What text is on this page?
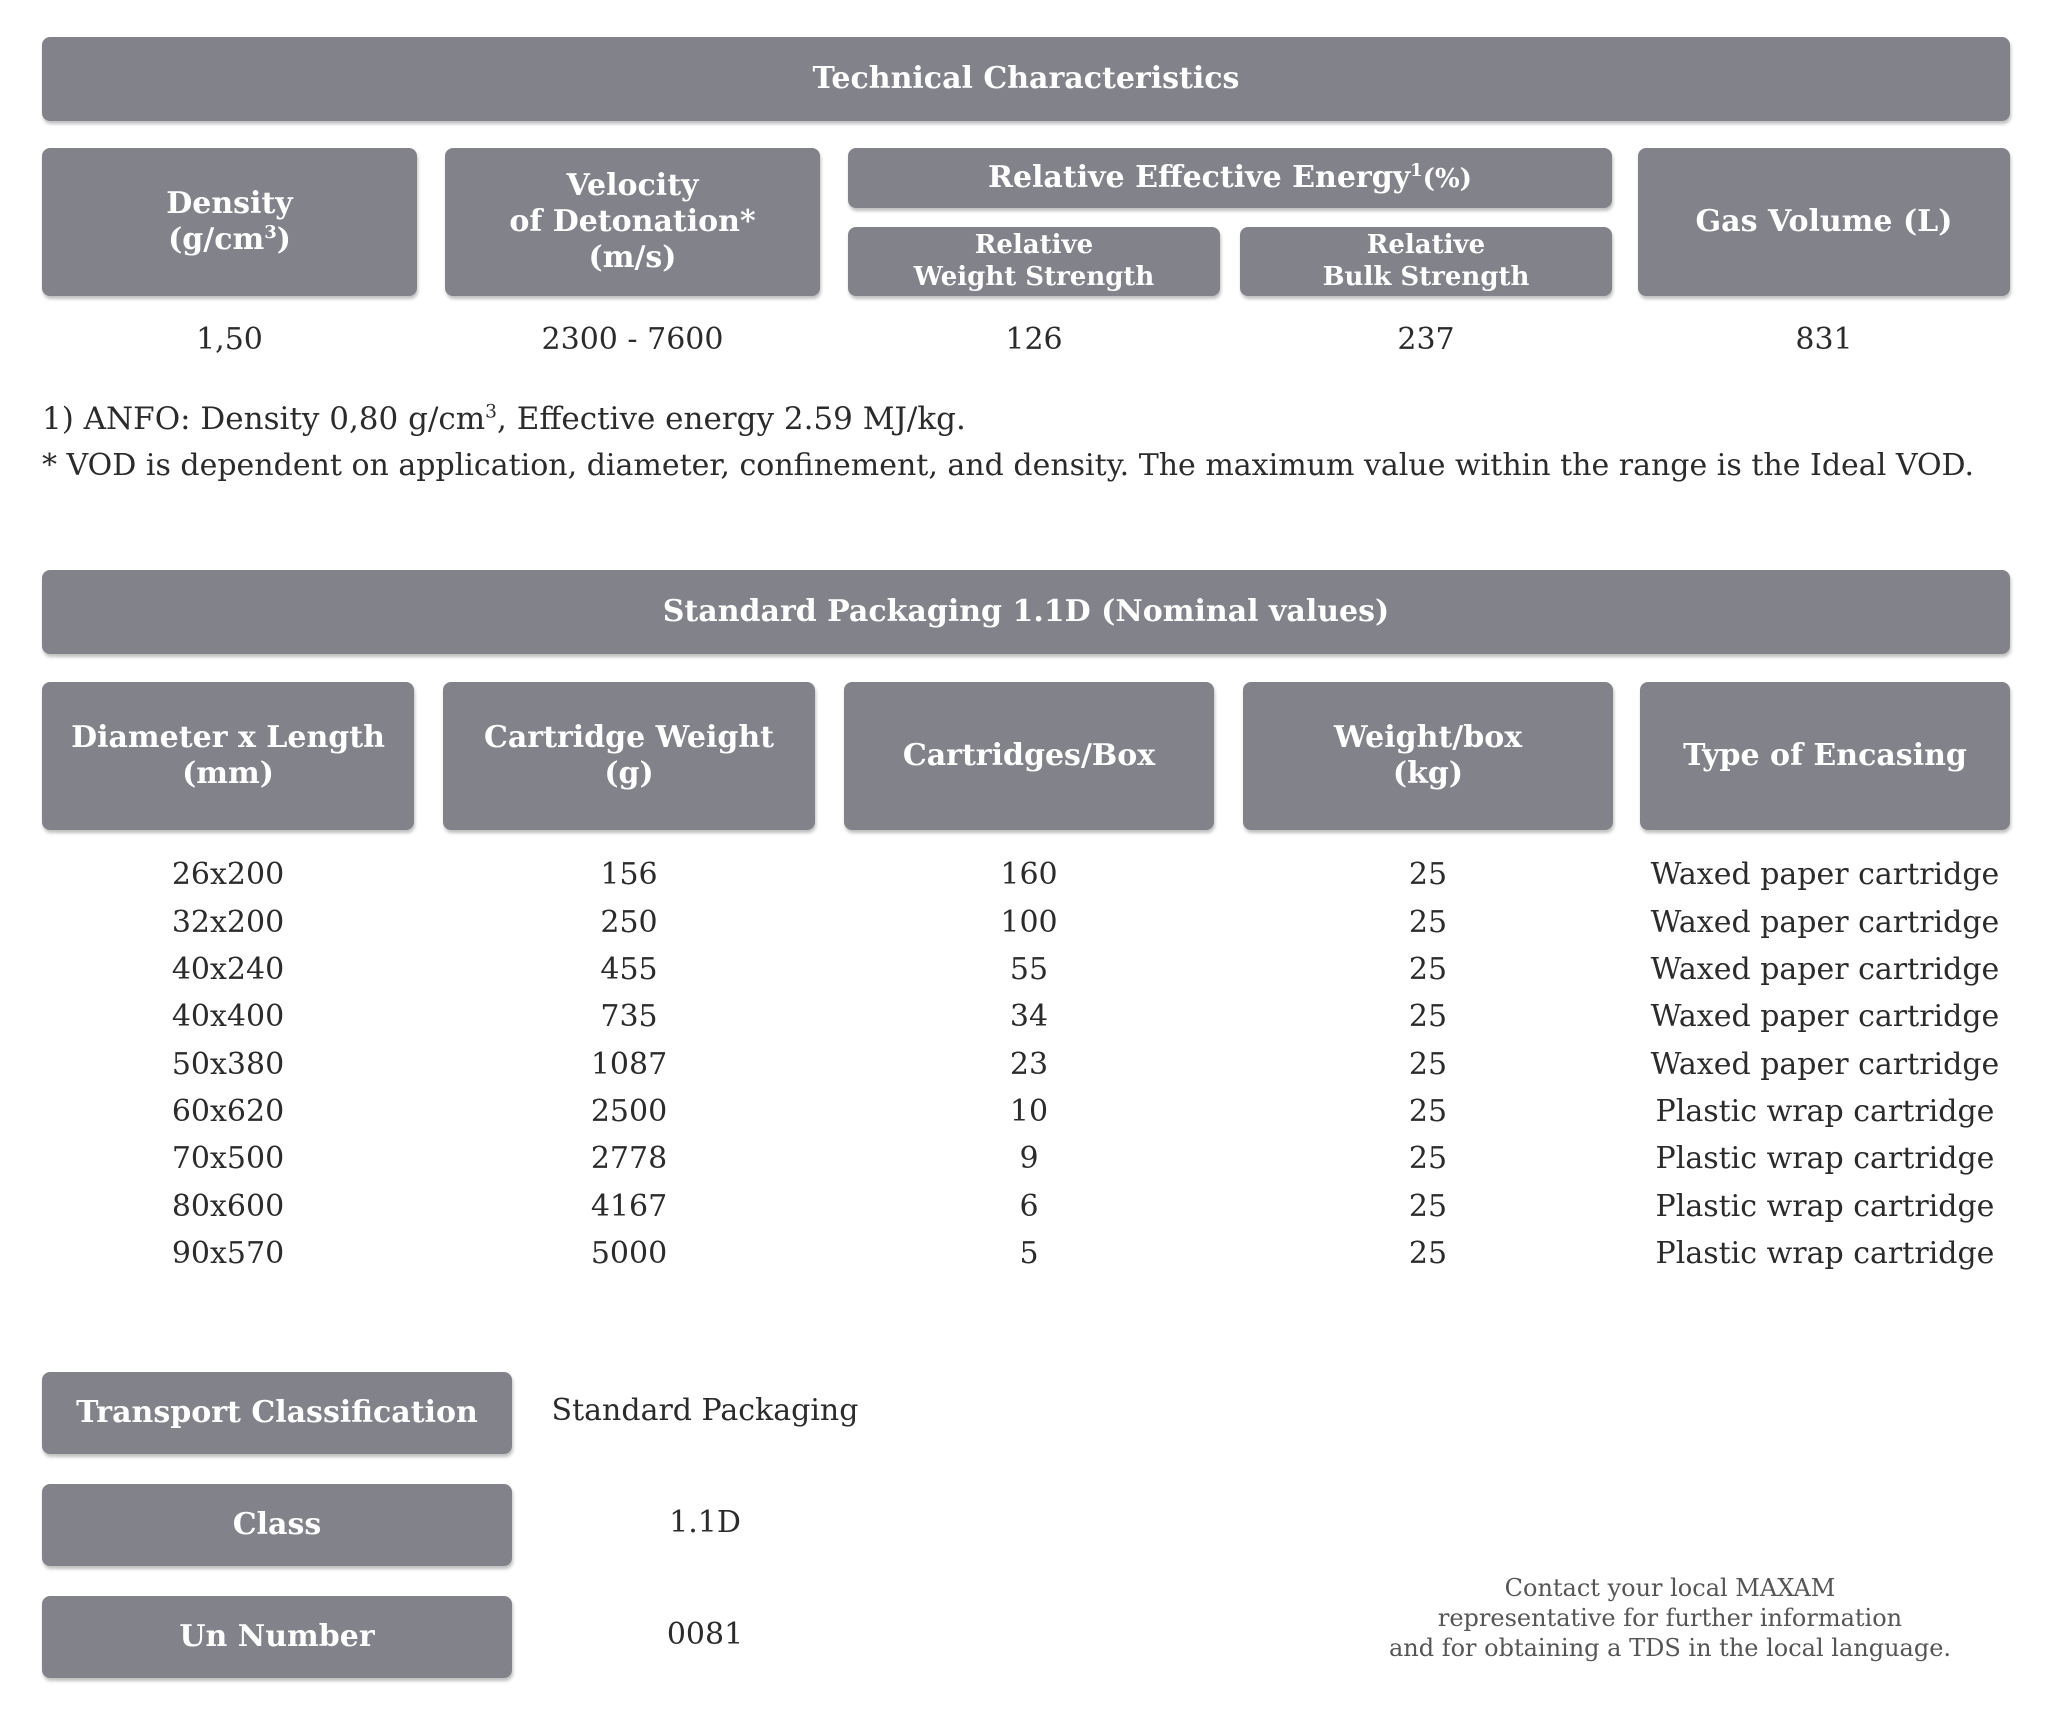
Technical Characteristics
Density
$(g/cm^3)$
Velocity
of Detonation*
(m/s)
Relative Effective Energy$^1$(%)
Relative
Weight Strength
Relative
Bulk Strength
Gas Volume (L)
1,50	2300 - 7600	126	237	831
1) ANFO: Density 0,80 $g/cm^3$, Effective energy 2.59 MJ/kg.
* VOD is dependent on application, diameter, confinement, and density. The maximum value within the range is the Ideal VOD.
Standard Packaging 1.1D (Nominal values)
Diameter x Length
(mm)
Cartridge Weight
(g)
Cartridges/Box
Weight/box
(kg)
Type of Encasing
26x200	156	160	25	Waxed paper cartridge
32x200	250	100	25	Waxed paper cartridge
40x240	455	55	25	Waxed paper cartridge
40x400	735	34	25	Waxed paper cartridge
50x380	1087	23	25	Waxed paper cartridge
60x620	2500	10	25	Plastic wrap cartridge
70x500	2778	9	25	Plastic wrap cartridge
80x600	4167	6	25	Plastic wrap cartridge
90x570	5000	5	25	Plastic wrap cartridge
Transport Classification	Standard Packaging
Class	1.1D
Un Number	0081
Contact your local MAXAM
representative for further information
and for obtaining a TDS in the local language.
